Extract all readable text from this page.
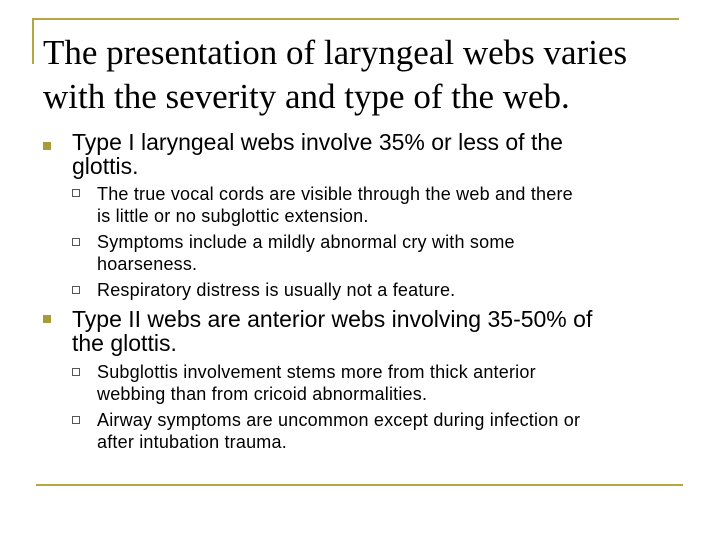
The presentation of laryngeal webs varies
with the severity and type of the web.
Type I laryngeal webs involve 35% or less of the
glottis.
The true vocal cords are visible through the web and there
is little or no subglottic extension.
Symptoms include a mildly abnormal cry with some
hoarseness.
Respiratory distress is usually not a feature.
Type II webs are anterior webs involving 35-50% of
the glottis.
Subglottis involvement stems more from thick anterior
webbing than from cricoid abnormalities.
Airway symptoms are uncommon except during infection or
after intubation trauma.
